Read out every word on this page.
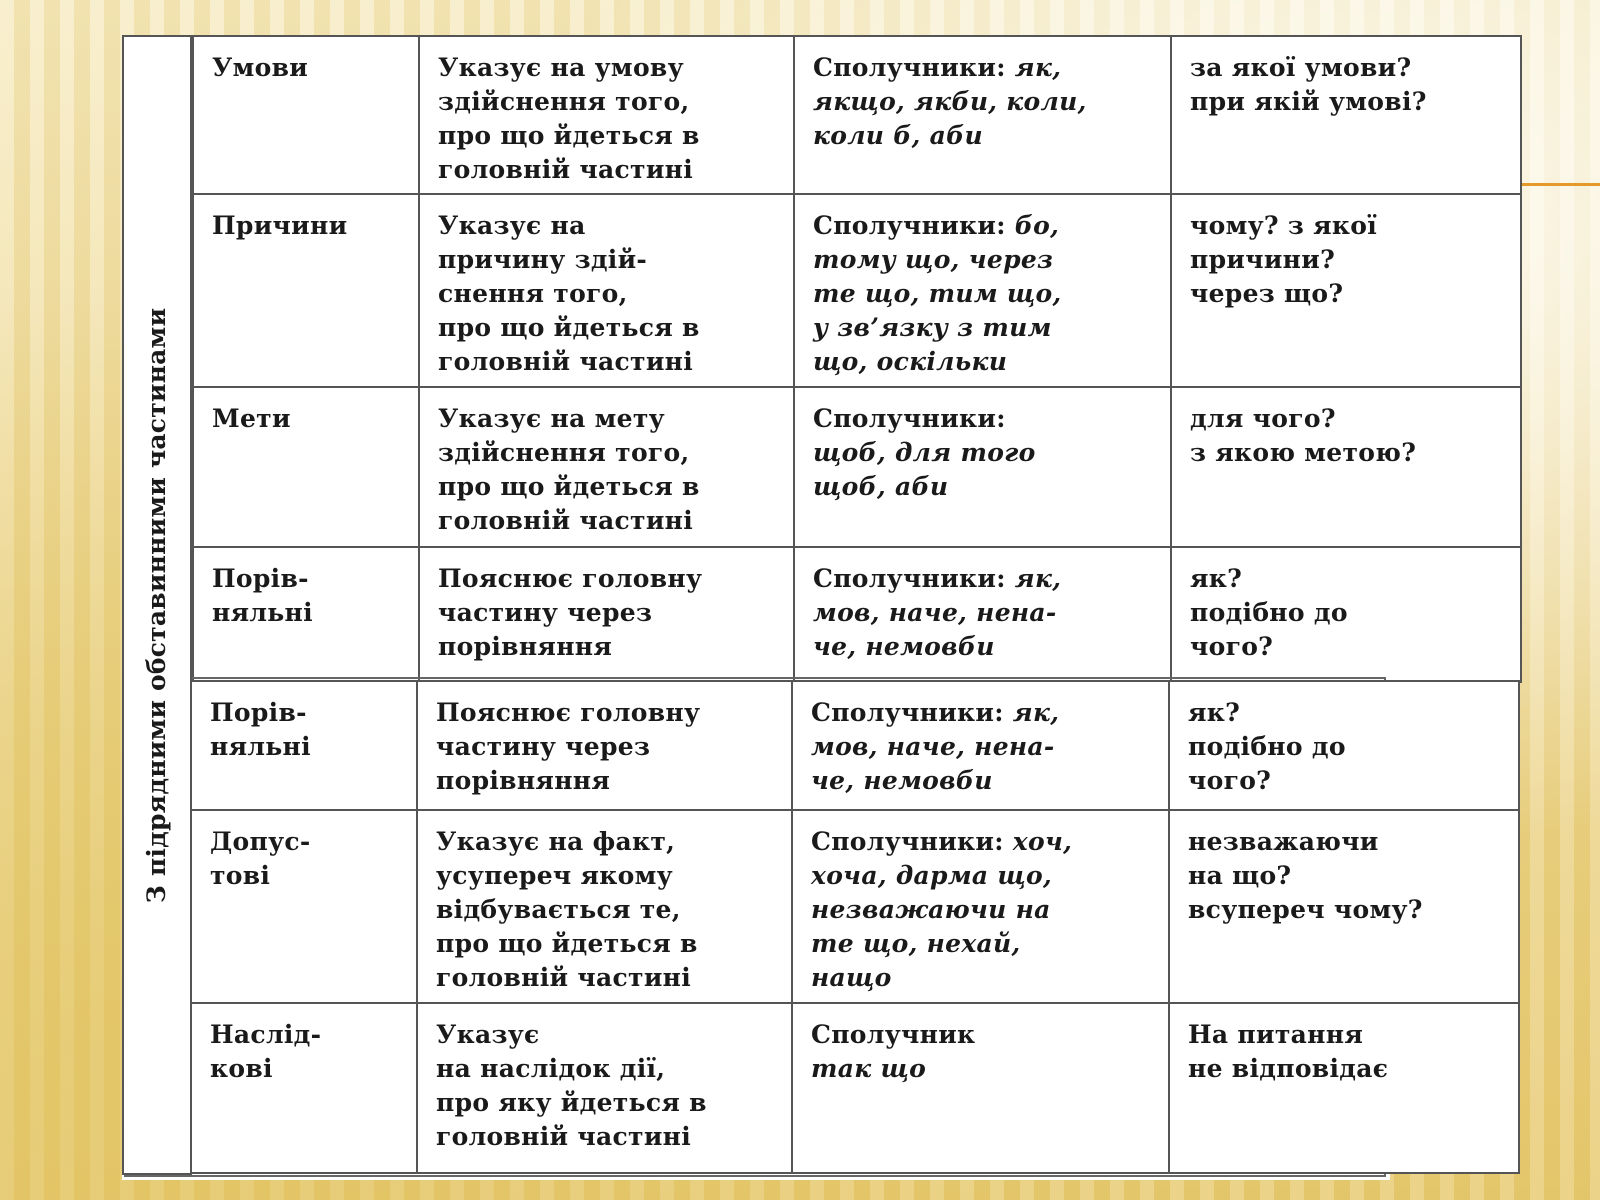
З підрядними обставинними частинами
Умови	Указує на умову
здійснення того,
про що йдеться в
головній частині	Сполучники: як,
якщо, якби, коли,
коли б, аби	за якої умови?
при якій умові?
Причини	Указує на
причину здій-
снення того,
про що йдеться в
головній частині	Сполучники: бо,
тому що, через
те що, тим що,
у зв’язку з тим
що, оскільки	чому? з якої
причини?
через що?
Мети	Указує на мету
здійснення того,
про що йдеться в
головній частині	Сполучники:
щоб, для того
щоб, аби	для чого?
з якою метою?
Порів-
няльні	Пояснює головну
частину через
порівняння	Сполучники: як,
мов, наче, нена-
че, немовби	як?
подібно до
чого?
Порів-
няльні	Пояснює головну
частину через
порівняння	Сполучники: як,
мов, наче, нена-
че, немовби	як?
подібно до
чого?
Допус-
тові	Указує на факт,
усупереч якому
відбувається те,
про що йдеться в
головній частині	Сполучники: хоч,
хоча, дарма що,
незважаючи на
те що, нехай,
нащо	незважаючи
на що?
всупереч чому?
Наслід-
кові	Указує
на наслідок дії,
про яку йдеться в
головній частині	Сполучник
так що	На питання
не відповідає
